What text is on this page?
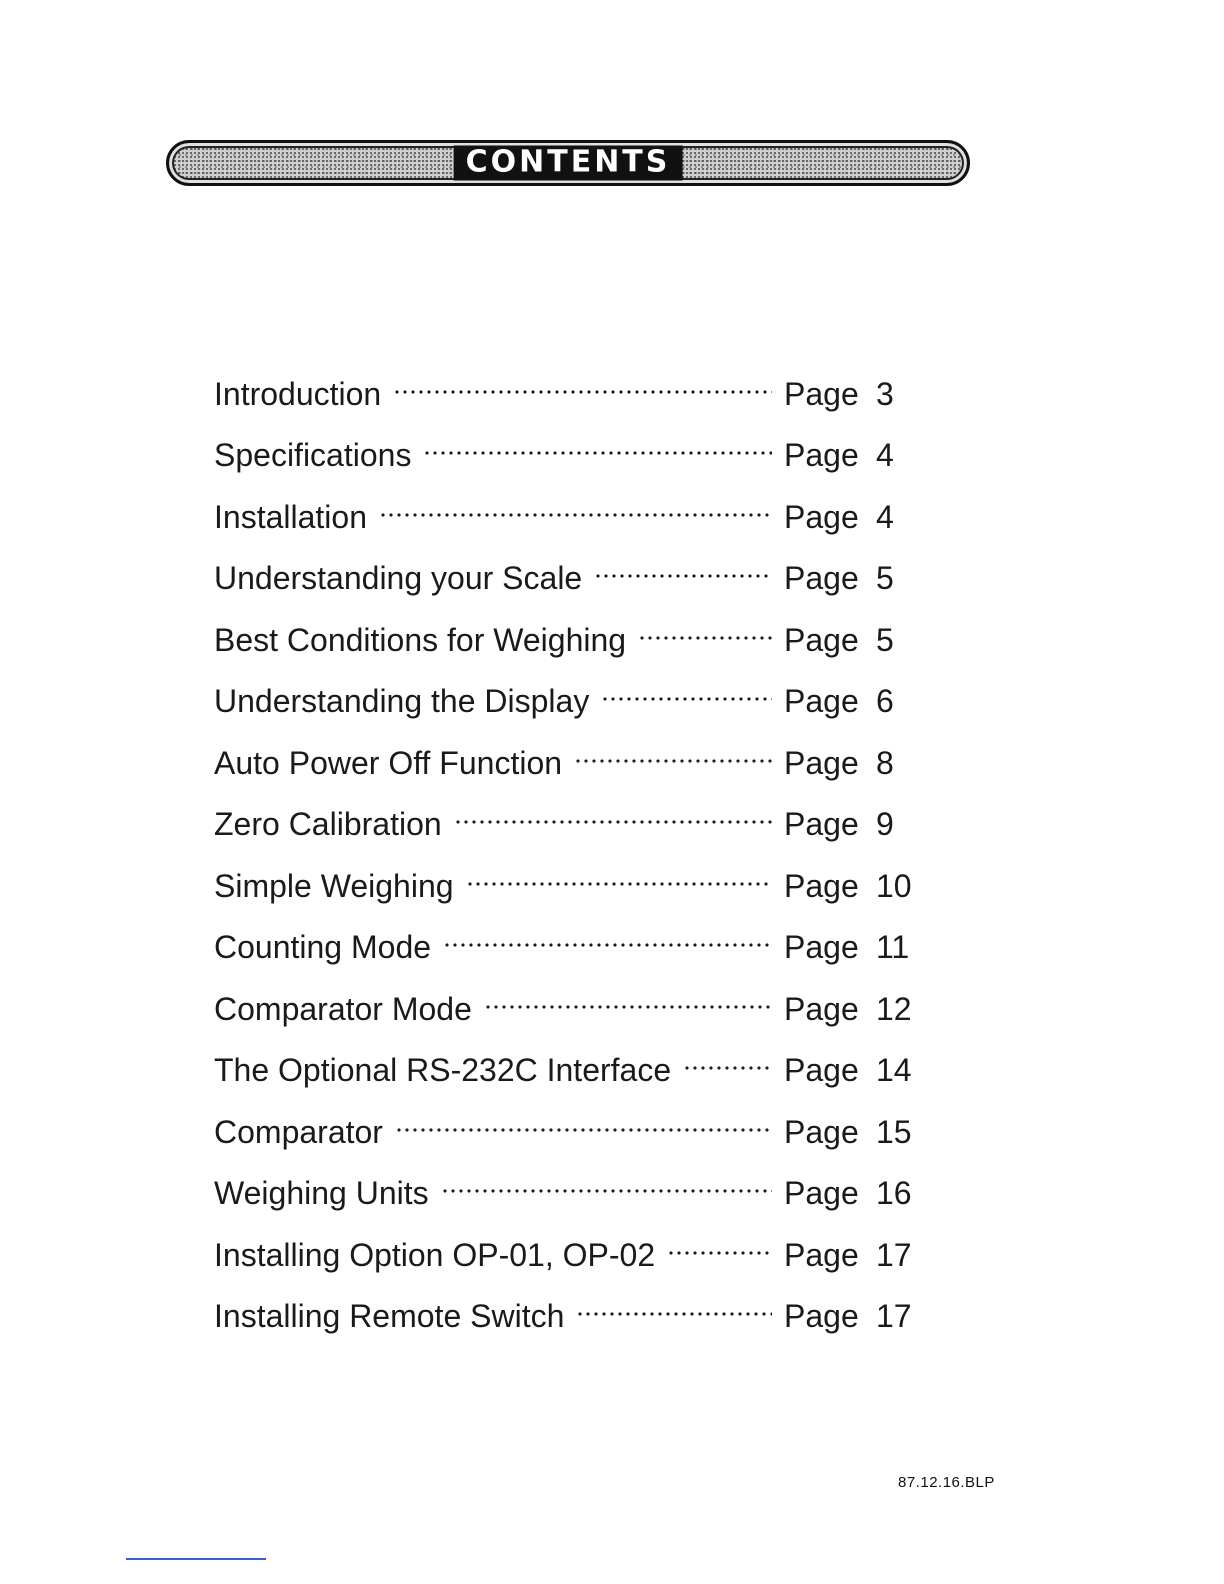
CONTENTS
Introduction	Page 3
Specifications	Page 4
Installation	Page 4
Understanding your Scale	Page 5
Best Conditions for Weighing	Page 5
Understanding the Display	Page 6
Auto Power Off Function	Page 8
Zero Calibration	Page 9
Simple Weighing	Page 10
Counting Mode	Page 11
Comparator Mode	Page 12
The Optional RS-232C Interface	Page 14
Comparator	Page 15
Weighing Units	Page 16
Installing Option OP-01, OP-02	Page 17
Installing Remote Switch	Page 17
87.12.16.BLP
